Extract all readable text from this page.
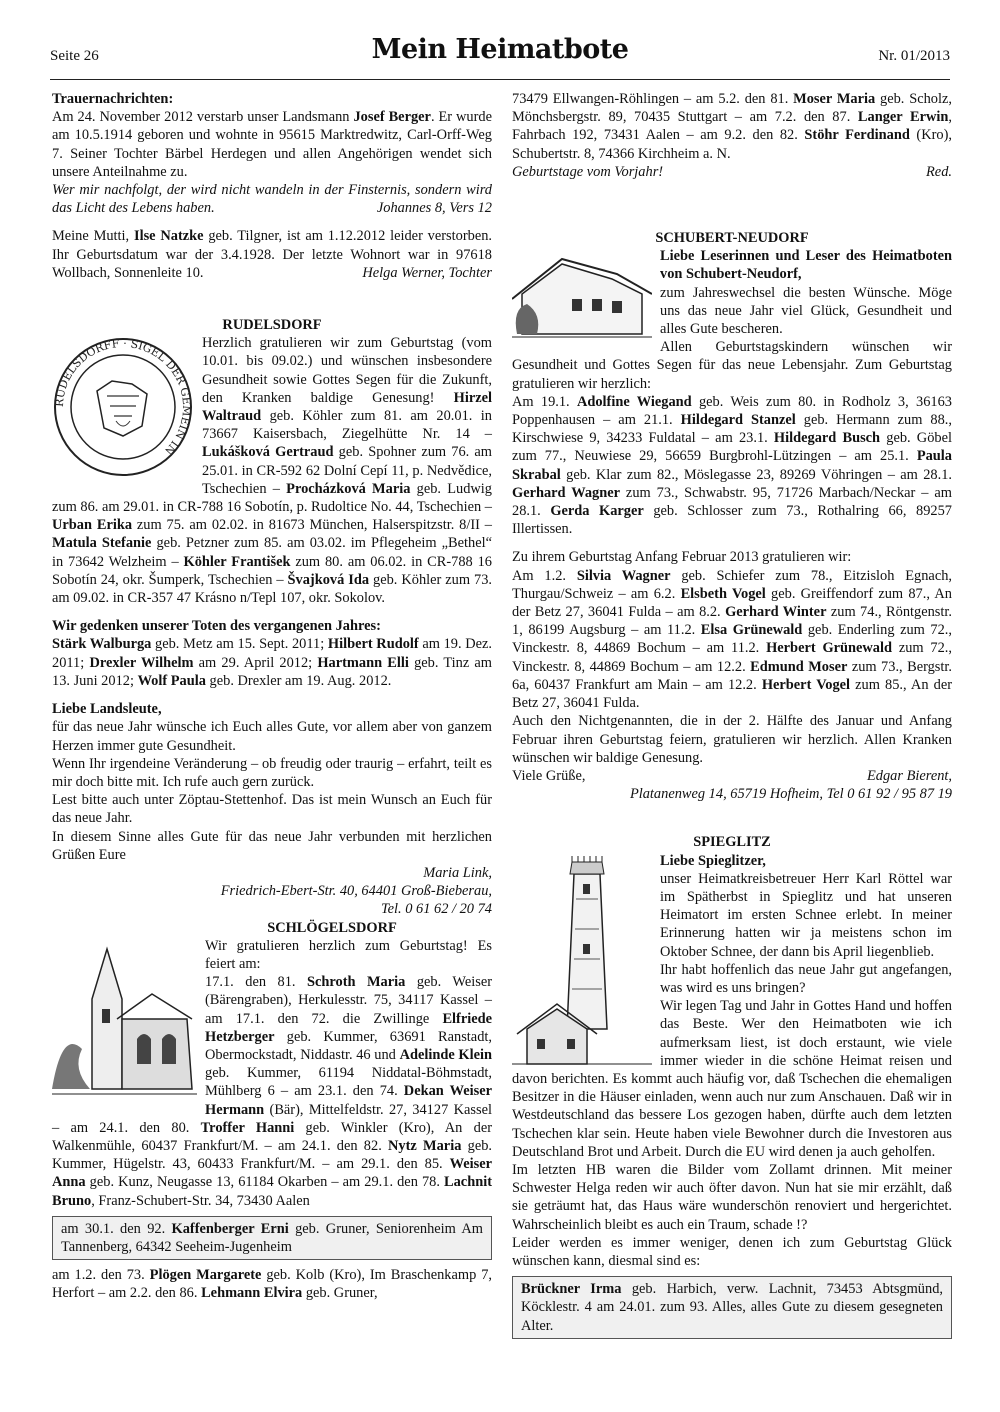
Seite 26	Mein Heimatbote	Nr. 01/2013

Trauernachrichten:

Am 24. November 2012 verstarb unser Landsmann Josef Berger. Er wurde am 10.5.1914 geboren und wohnte in 95615 Marktredwitz, Carl-Orff-Weg 7. Seiner Tochter Bärbel Herdegen und allen Angehörigen wendet sich unsere Anteilnahme zu.

Wer mir nachfolgt, der wird nicht wandeln in der Finsternis, sondern wird das Licht des Lebens haben.	Johannes 8, Vers 12

Meine Mutti, Ilse Natzke geb. Tilgner, ist am 1.12.2012 leider verstorben. Ihr Geburtsdatum war der 3.4.1928. Der letzte Wohnort war in 97618 Wollbach, Sonnenleite 10.	Helga Werner, Tochter

RUDELSDORF

RUDELSDORFF · SIGEL DER GEMEIN IN

Herzlich gratulieren wir zum Geburtstag (vom 10.01. bis 09.02.) und wünschen insbesondere Gesundheit sowie Gottes Segen für die Zukunft, den Kranken baldige Genesung! Hirzel Waltraud geb. Köhler zum 81. am 20.01. in 73667 Kaisersbach, Ziegelhütte Nr. 14 – Lukášková Gertraud geb. Spohner zum 76. am 25.01. in CR-592 62 Dolní Cepí 11, p. Nedvědice, Tschechien – Procházková Maria geb. Ludwig zum 86. am 29.01. in CR-788 16 Sobotín, p. Rudoltice No. 44, Tschechien – Urban Erika zum 75. am 02.02. in 81673 München, Halserspitzstr. 8/II – Matula Stefanie geb. Petzner zum 85. am 03.02. im Pflegeheim „Bethel“ in 73642 Welzheim – Köhler František zum 80. am 06.02. in CR-788 16 Sobotín 24, okr. Šumperk, Tschechien – Švajková Ida geb. Köhler zum 73. am 09.02. in CR-357 47 Krásno n/Tepl 107, okr. Sokolov.

Wir gedenken unserer Toten des vergangenen Jahres:

Stärk Walburga geb. Metz am 15. Sept. 2011; Hilbert Rudolf am 19. Dez. 2011; Drexler Wilhelm am 29. April 2012; Hartmann Elli geb. Tinz am 13. Juni 2012; Wolf Paula geb. Drexler am 19. Aug. 2012.

Liebe Landsleute,

für das neue Jahr wünsche ich Euch alles Gute, vor allem aber von ganzem Herzen immer gute Gesundheit.

Wenn Ihr irgendeine Veränderung – ob freudig oder traurig – erfahrt, teilt es mir doch bitte mit. Ich rufe auch gern zurück.

Lest bitte auch unter Zöptau-Stettenhof. Das ist mein Wunsch an Euch für das neue Jahr.

In diesem Sinne alles Gute für das neue Jahr verbunden mit herzlichen Grüßen Eure

Maria Link,

Friedrich-Ebert-Str. 40, 64401 Groß-Bieberau,

Tel. 0 61 62 / 20 74

SCHLÖGELSDORF

Wir gratulieren herzlich zum Geburtstag! Es feiert am:

17.1. den 81. Schroth Maria geb. Weiser (Bärengraben), Herkulesstr. 75, 34117 Kassel – am 17.1. den 72. die Zwillinge Elfriede Hetzberger geb. Kummer, 63691 Ranstadt, Obermockstadt, Niddastr. 46 und Adelinde Klein geb. Kummer, 61194 Niddatal-Böhmstadt, Mühlberg 6 – am 23.1. den 74. Dekan Weiser Hermann (Bär), Mittelfeldstr. 27, 34127 Kassel – am 24.1. den 80. Troffer Hanni geb. Winkler (Kro), An der Walkenmühle, 60437 Frankfurt/M. – am 24.1. den 82. Nytz Maria geb. Kummer, Hügelstr. 43, 60433 Frankfurt/M. – am 29.1. den 85. Weiser Anna geb. Kunz, Neugasse 13, 61184 Okarben – am 29.1. den 78. Lachnit Bruno, Franz-Schubert-Str. 34, 73430 Aalen

am 30.1. den 92. Kaffenberger Erni geb. Gruner, Seniorenheim Am Tannenberg, 64342 Seeheim-Jugenheim

am 1.2. den 73. Plögen Margarete geb. Kolb (Kro), Im Braschenkamp 7, Herfort – am 2.2. den 86. Lehmann Elvira geb. Gruner,

73479 Ellwangen-Röhlingen – am 5.2. den 81. Moser Maria geb. Scholz, Mönchsbergstr. 89, 70435 Stuttgart – am 7.2. den 87. Langer Erwin, Fahrbach 192, 73431 Aalen – am 9.2. den 82. Stöhr Ferdinand (Kro), Schubertstr. 8, 74366 Kirchheim a. N.

Geburtstage vom Vorjahr!	Red.

SCHUBERT-NEUDORF

Liebe Leserinnen und Leser des Heimatboten von Schubert-Neudorf,

zum Jahreswechsel die besten Wünsche. Möge uns das neue Jahr viel Glück, Gesundheit und alles Gute bescheren.

Allen Geburtstagskindern wünschen wir Gesundheit und Gottes Segen für das neue Lebensjahr. Zum Geburtstag gratulieren wir herzlich:

Am 19.1. Adolfine Wiegand geb. Weis zum 80. in Rodholz 3, 36163 Poppenhausen – am 21.1. Hildegard Stanzel geb. Hermann zum 88., Kirschwiese 9, 34233 Fuldatal – am 23.1. Hildegard Busch geb. Göbel zum 77., Neuwiese 29, 56659 Burgbrohl-Lützingen – am 25.1. Paula Skrabal geb. Klar zum 82., Möslegasse 23, 89269 Vöhringen – am 28.1. Gerhard Wagner zum 73., Schwabstr. 95, 71726 Marbach/Neckar – am 28.1. Gerda Karger geb. Schlosser zum 73., Rothalring 66, 89257 Illertissen.

Zu ihrem Geburtstag Anfang Februar 2013 gratulieren wir:

Am 1.2. Silvia Wagner geb. Schiefer zum 78., Eitzisloh Egnach, Thurgau/Schweiz – am 6.2. Elsbeth Vogel geb. Greiffendorf zum 87., An der Betz 27, 36041 Fulda – am 8.2. Gerhard Winter zum 74., Röntgenstr. 1, 86199 Augsburg – am 11.2. Elsa Grünewald geb. Enderling zum 72., Vinckestr. 8, 44869 Bochum – am 11.2. Herbert Grünewald zum 72., Vinckestr. 8, 44869 Bochum – am 12.2. Edmund Moser zum 73., Bergstr. 6a, 60437 Frankfurt am Main – am 12.2. Herbert Vogel zum 85., An der Betz 27, 36041 Fulda.

Auch den Nichtgenannten, die in der 2. Hälfte des Januar und Anfang Februar ihren Geburtstag feiern, gratulieren wir herzlich. Allen Kranken wünschen wir baldige Genesung.

Viele Grüße,	Edgar Bierent,

Platanenweg 14, 65719 Hofheim, Tel 0 61 92 / 95 87 19

SPIEGLITZ

Liebe Spieglitzer,

unser Heimatkreisbetreuer Herr Karl Röttel war im Spätherbst in Spieglitz und hat unseren Heimatort im ersten Schnee erlebt. In meiner Erinnerung hatten wir ja meistens schon im Oktober Schnee, der dann bis April liegenblieb.

Ihr habt hoffenlich das neue Jahr gut angefangen, was wird es uns bringen?

Wir legen Tag und Jahr in Gottes Hand und hoffen das Beste. Wer den Heimatboten wie ich aufmerksam liest, ist doch erstaunt, wie viele immer wieder in die schöne Heimat reisen und davon berichten. Es kommt auch häufig vor, daß Tschechen die ehemaligen Besitzer in die Häuser einladen, wenn auch nur zum Anschauen. Daß wir in Westdeutschland das bessere Los gezogen haben, dürfte auch dem letzten Tschechen klar sein. Heute haben viele Bewohner durch die Investoren aus Deutschland Brot und Arbeit. Durch die EU wird denen ja auch geholfen.

Im letzten HB waren die Bilder vom Zollamt drinnen. Mit meiner Schwester Helga reden wir auch öfter davon. Nun hat sie mir erzählt, daß sie geträumt hat, das Haus wäre wunderschön renoviert und hergerichtet. Wahrscheinlich bleibt es auch ein Traum, schade !?

Leider werden es immer weniger, denen ich zum Geburtstag Glück wünschen kann, diesmal sind es:

Brückner Irma geb. Harbich, verw. Lachnit, 73453 Abtsgmünd, Köcklestr. 4 am 24.01. zum 93. Alles, alles Gute zu diesem gesegneten Alter.
